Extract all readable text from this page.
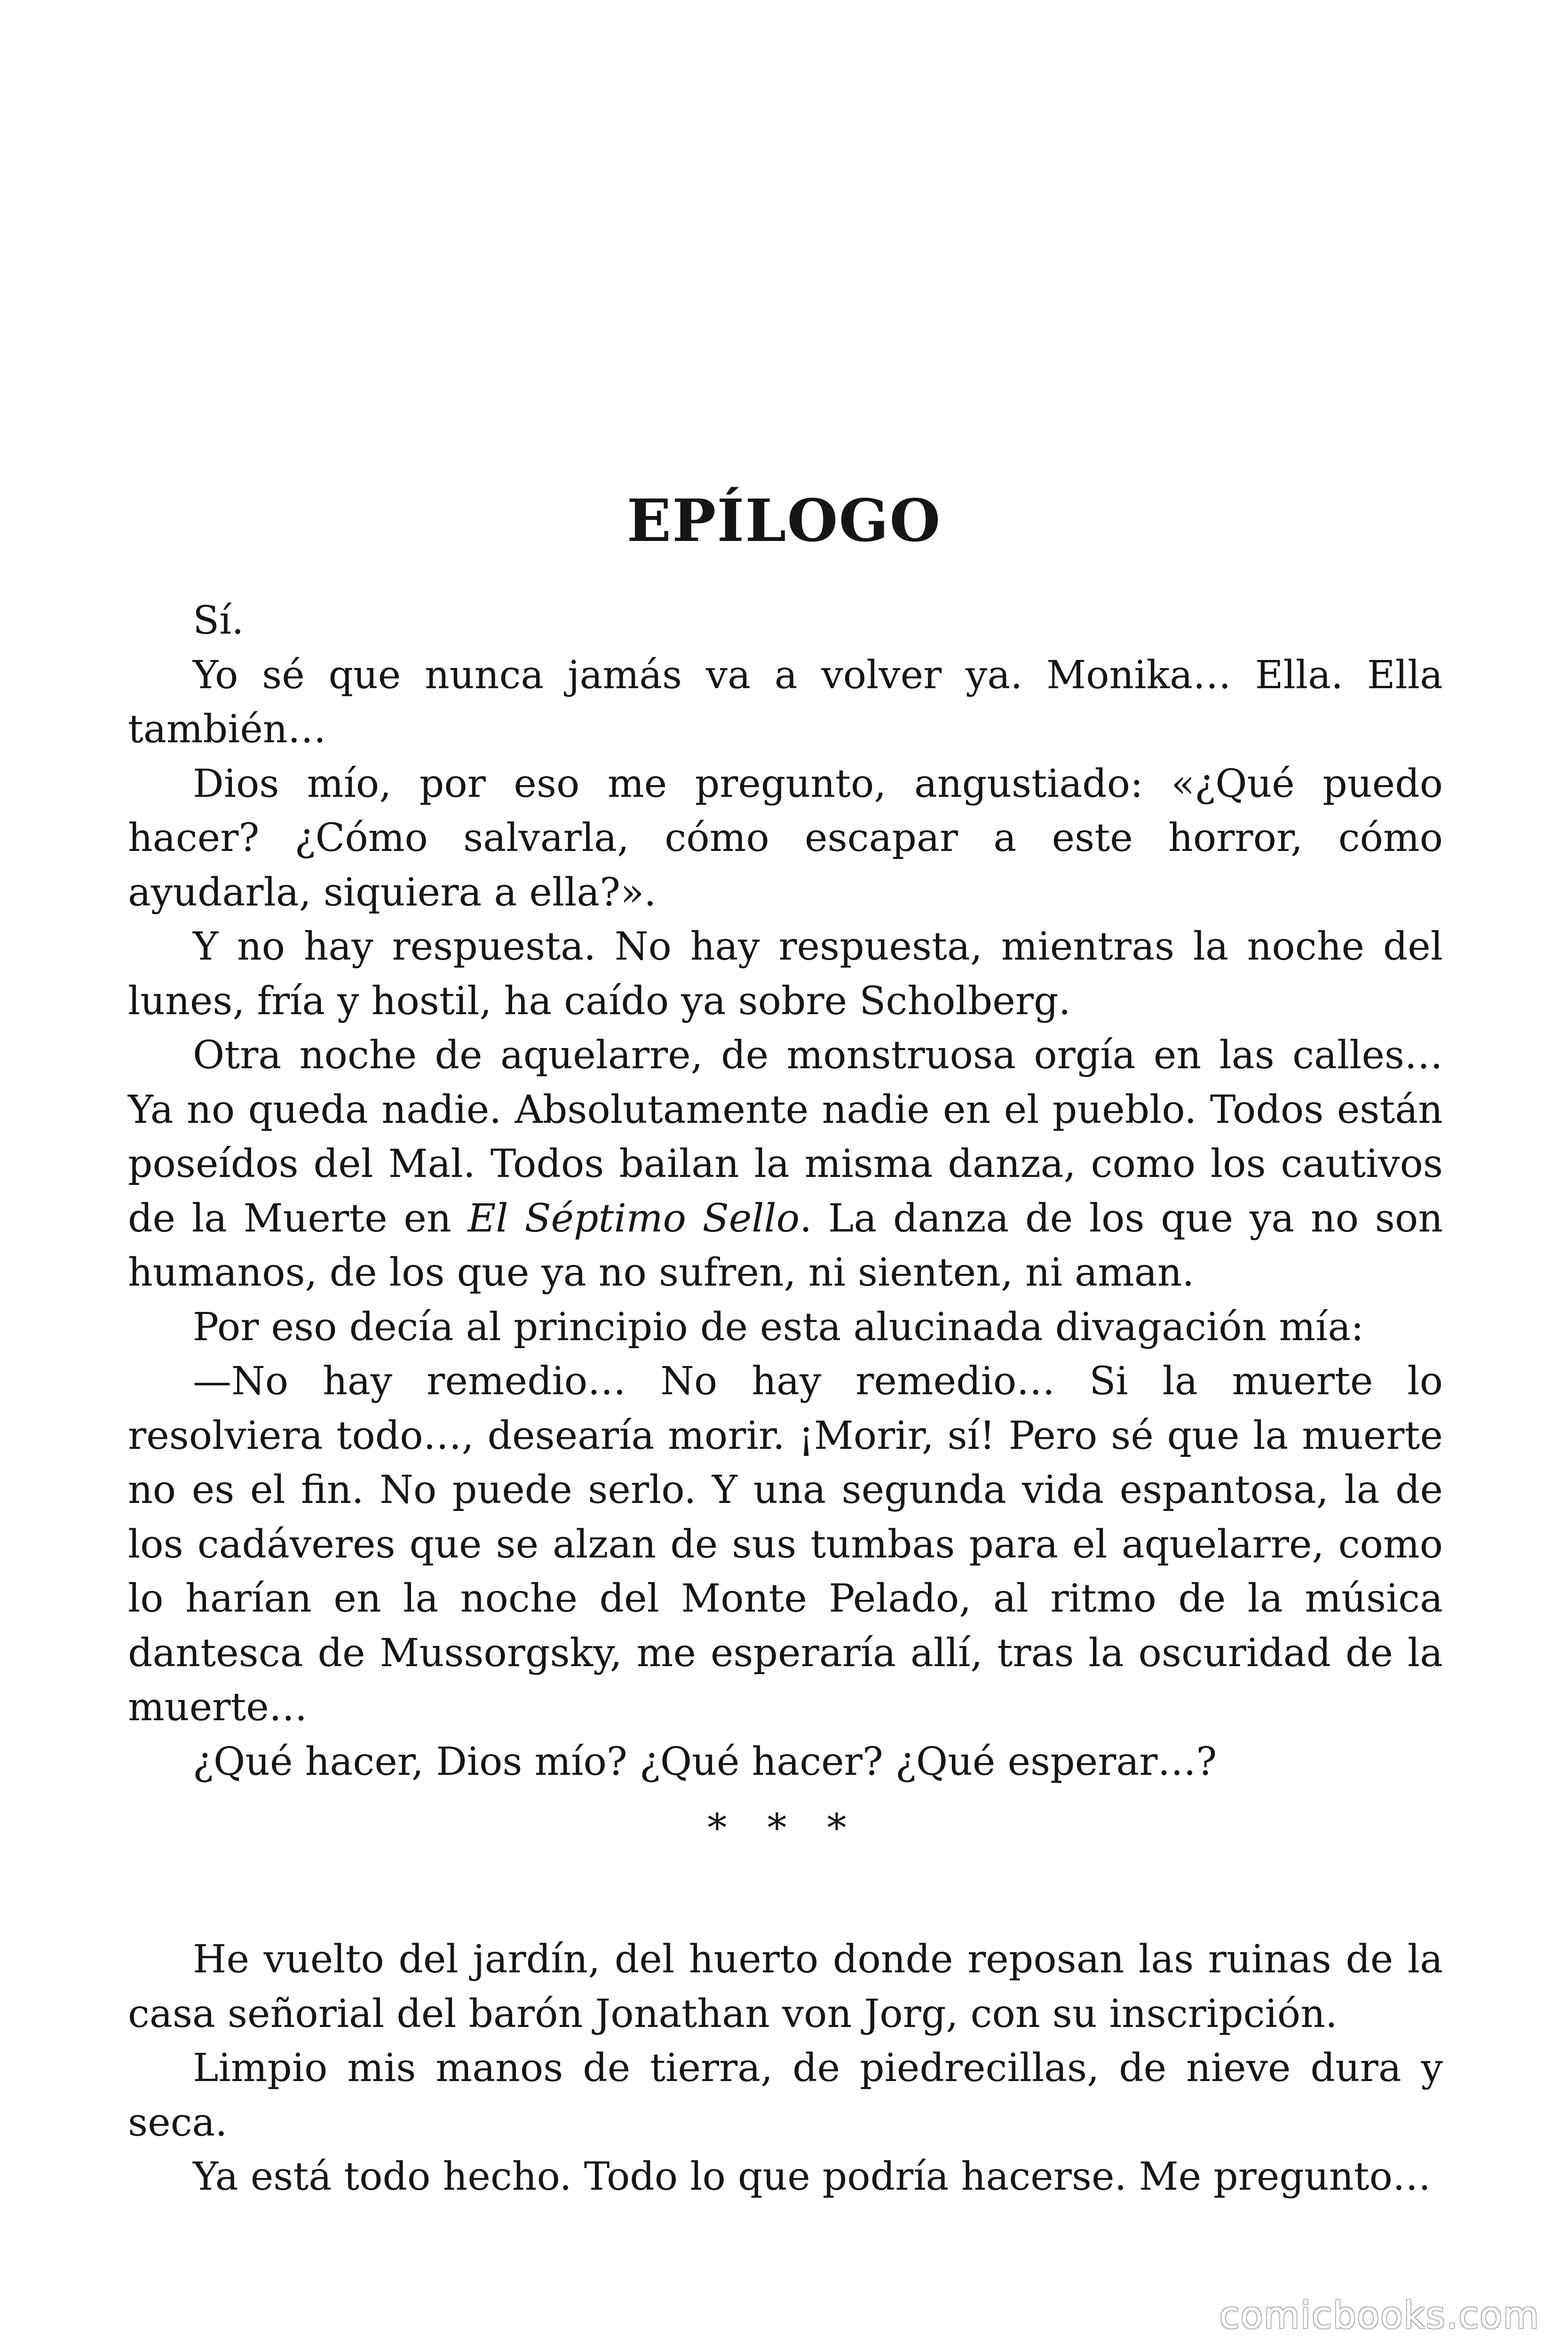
EPÍLOGO

Sí.

Yo sé que nunca jamás va a volver ya. Monika… Ella. Ella también…

Dios mío, por eso me pregunto, angustiado: «¿Qué puedo hacer? ¿Cómo salvarla, cómo escapar a este horror, cómo ayudarla, siquiera a ella?».

Y no hay respuesta. No hay respuesta, mientras la noche del lunes, fría y hostil, ha caído ya sobre Scholberg.

Otra noche de aquelarre, de monstruosa orgía en las calles… Ya no queda nadie. Absolutamente nadie en el pueblo. Todos están poseídos del Mal. Todos bailan la misma danza, como los cautivos de la Muerte en El Séptimo Sello. La danza de los que ya no son humanos, de los que ya no sufren, ni sienten, ni aman.

Por eso decía al principio de esta alucinada divagación mía:

—No hay remedio… No hay remedio… Si la muerte lo resolviera todo…, desearía morir. ¡Morir, sí! Pero sé que la muerte no es el fin. No puede serlo. Y una segunda vida espantosa, la de los cadáveres que se alzan de sus tumbas para el aquelarre, como lo harían en la noche del Monte Pelado, al ritmo de la música dantesca de Mussorgsky, me esperaría allí, tras la oscuridad de la muerte…

¿Qué hacer, Dios mío? ¿Qué hacer? ¿Qué esperar…?

* * *

He vuelto del jardín, del huerto donde reposan las ruinas de la casa señorial del barón Jonathan von Jorg, con su inscripción.

Limpio mis manos de tierra, de piedrecillas, de nieve dura y seca.

Ya está todo hecho. Todo lo que podría hacerse. Me pregunto…

comicbooks.com
